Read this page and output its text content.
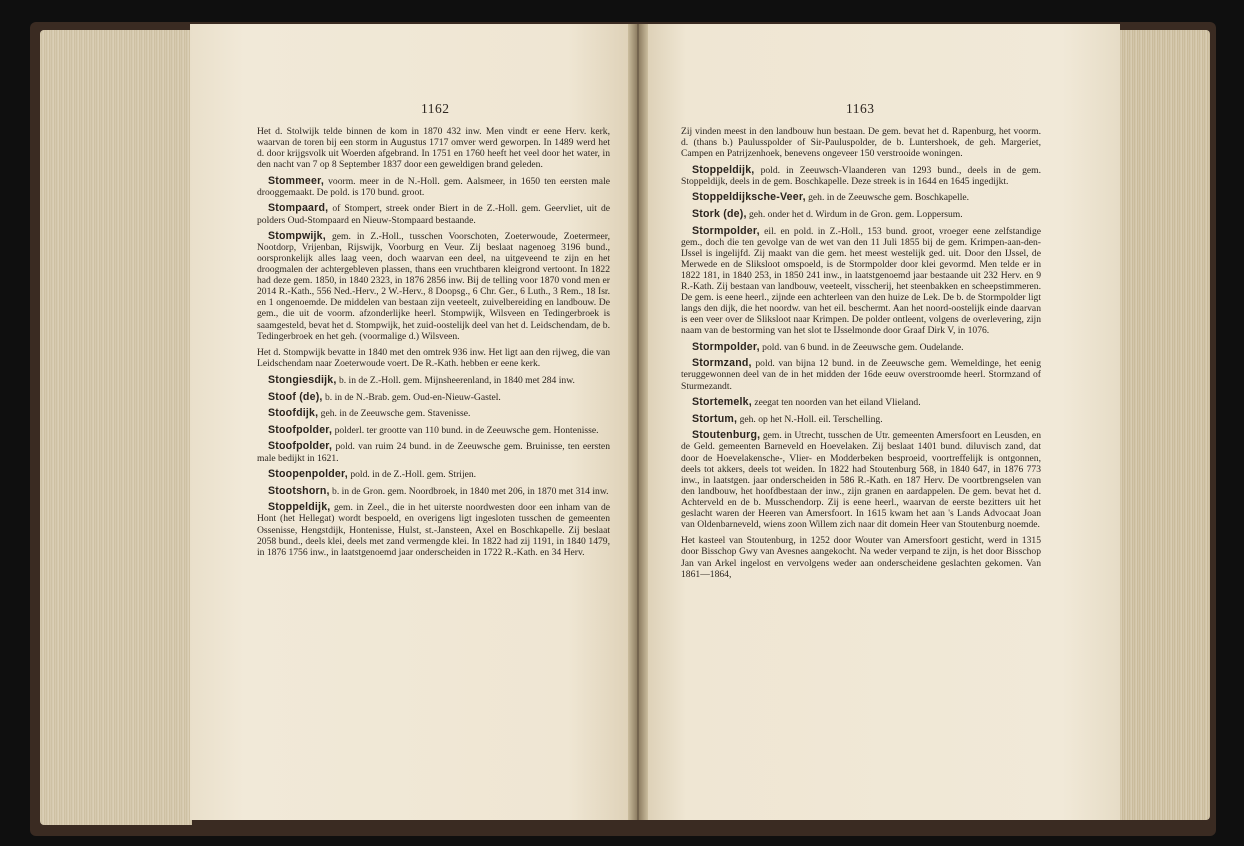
1162	1163

Het d. Stolwijk telde binnen de kom in 1870 432 inw. Men vindt er eene Herv. kerk, waarvan de toren bij een storm in Augustus 1717 omver werd geworpen. In 1489 werd het d. door krijgsvolk uit Woerden afgebrand. In 1751 en 1760 heeft het veel door het water, in den nacht van 7 op 8 September 1837 door een geweldigen brand geleden.

Stommeer, voorm. meer in de N.-Holl. gem. Aalsmeer, in 1650 ten eersten male drooggemaakt. De pold. is 170 bund. groot.

Stompaard, of Stompert, streek onder Biert in de Z.-Holl. gem. Geervliet, uit de polders Oud-Stompaard en Nieuw-Stompaard bestaande.

Stompwijk, gem. in Z.-Holl., tusschen Voorschoten, Zoeterwoude, Zoetermeer, Nootdorp, Vrijenban, Rijswijk, Voorburg en Veur. Zij beslaat nagenoeg 3196 bund., oorspronkelijk alles laag veen, doch waarvan een deel, na uitgeveend te zijn en het droogmalen der achtergebleven plassen, thans een vruchtbaren kleigrond vertoont. In 1822 had deze gem. 1850, in 1840 2323, in 1876 2856 inw. Bij de telling voor 1870 vond men er 2014 R.-Kath., 556 Ned.-Herv., 2 W.-Herv., 8 Doopsg., 6 Chr. Ger., 6 Luth., 3 Rem., 18 Isr. en 1 ongenoemde. De middelen van bestaan zijn veeteelt, zuivelbereiding en landbouw. De gem., die uit de voorm. afzonderlijke heerl. Stompwijk, Wilsveen en Tedingerbroek is saamgesteld, bevat het d. Stompwijk, het zuid-oostelijk deel van het d. Leidschendam, de b. Tedingerbroek en het geh. (voormalige d.) Wilsveen.

Het d. Stompwijk bevatte in 1840 met den omtrek 936 inw. Het ligt aan den rijweg, die van Leidschendam naar Zoeterwoude voert. De R.-Kath. hebben er eene kerk.

Stongiesdijk, b. in de Z.-Holl. gem. Mijnsheerenland, in 1840 met 284 inw.

Stoof (de), b. in de N.-Brab. gem. Oud-en-Nieuw-Gastel.

Stoofdijk, geh. in de Zeeuwsche gem. Stavenisse.

Stoofpolder, polderl. ter grootte van 110 bund. in de Zeeuwsche gem. Hontenisse.

Stoofpolder, pold. van ruim 24 bund. in de Zeeuwsche gem. Bruinisse, ten eersten male bedijkt in 1621.

Stoopenpolder, pold. in de Z.-Holl. gem. Strijen.

Stootshorn, b. in de Gron. gem. Noordbroek, in 1840 met 206, in 1870 met 314 inw.

Stoppeldijk, gem. in Zeel., die in het uiterste noordwesten door een inham van de Hont (het Hellegat) wordt bespoeld, en overigens ligt ingesloten tusschen de gemeenten Ossenisse, Hengstdijk, Hontenisse, Hulst, st.-Jansteen, Axel en Boschkapelle. Zij beslaat 2058 bund., deels klei, deels met zand vermengde klei. In 1822 had zij 1191, in 1840 1479, in 1876 1756 inw., in laatstgenoemd jaar onderscheiden in 1722 R.-Kath. en 34 Herv.

Zij vinden meest in den landbouw hun bestaan. De gem. bevat het d. Rapenburg, het voorm. d. (thans b.) Paulusspolder of Sir-Pauluspolder, de b. Luntershoek, de geh. Margeriet, Campen en Patrijzenhoek, benevens ongeveer 150 verstrooide woningen.

Stoppeldijk, pold. in Zeeuwsch-Vlaanderen van 1293 bund., deels in de gem. Stoppeldijk, deels in de gem. Boschkapelle. Deze streek is in 1644 en 1645 ingedijkt.

Stoppeldijksche-Veer, geh. in de Zeeuwsche gem. Boschkapelle.

Stork (de), geh. onder het d. Wirdum in de Gron. gem. Loppersum.

Stormpolder, eil. en pold. in Z.-Holl., 153 bund. groot, vroeger eene zelfstandige gem., doch die ten gevolge van de wet van den 11 Juli 1855 bij de gem. Krimpen-aan-den-IJssel is ingelijfd. Zij maakt van die gem. het meest westelijk ged. uit. Door den IJssel, de Merwede en de Sliksloot omspoeld, is de Stormpolder door klei gevormd. Men telde er in 1822 181, in 1840 253, in 1850 241 inw., in laatstgenoemd jaar bestaande uit 232 Herv. en 9 R.-Kath. Zij bestaan van landbouw, veeteelt, visscherij, het steenbakken en scheepstimmeren. De gem. is eene heerl., zijnde een achterleen van den huize de Lek. De b. de Stormpolder ligt langs den dijk, die het noordw. van het eil. beschermt. Aan het noord-oostelijk einde daarvan is een veer over de Sliksloot naar Krimpen. De polder ontleent, volgens de overlevering, zijn naam van de bestorming van het slot te IJsselmonde door Graaf Dirk V, in 1076.

Stormpolder, pold. van 6 bund. in de Zeeuwsche gem. Oudelande.

Stormzand, pold. van bijna 12 bund. in de Zeeuwsche gem. Wemeldinge, het eenig teruggewonnen deel van de in het midden der 16de eeuw overstroomde heerl. Stormzand of Sturmezandt.

Stortemelk, zeegat ten noorden van het eiland Vlieland.

Stortum, geh. op het N.-Holl. eil. Terschelling.

Stoutenburg, gem. in Utrecht, tusschen de Utr. gemeenten Amersfoort en Leusden, en de Geld. gemeenten Barneveld en Hoevelaken. Zij beslaat 1401 bund. diluvisch zand, dat door de Hoevelakensche-, Vlier- en Modderbeken besproeid, voortreffelijk is ontgonnen, deels tot akkers, deels tot weiden. In 1822 had Stoutenburg 568, in 1840 647, in 1876 773 inw., in laatstgen. jaar onderscheiden in 586 R.-Kath. en 187 Herv. De voortbrengselen van den landbouw, het hoofdbestaan der inw., zijn granen en aardappelen. De gem. bevat het d. Achterveld en de b. Musschendorp. Zij is eene heerl., waarvan de eerste bezitters uit het geslacht waren der Heeren van Amersfoort. In 1615 kwam het aan 's Lands Advocaat Joan van Oldenbarneveld, wiens zoon Willem zich naar dit domein Heer van Stoutenburg noemde.

Het kasteel van Stoutenburg, in 1252 door Wouter van Amersfoort gesticht, werd in 1315 door Bisschop Gwy van Avesnes aangekocht. Na weder verpand te zijn, is het door Bisschop Jan van Arkel ingelost en vervolgens weder aan onderscheidene geslachten gekomen. Van 1861—1864,
